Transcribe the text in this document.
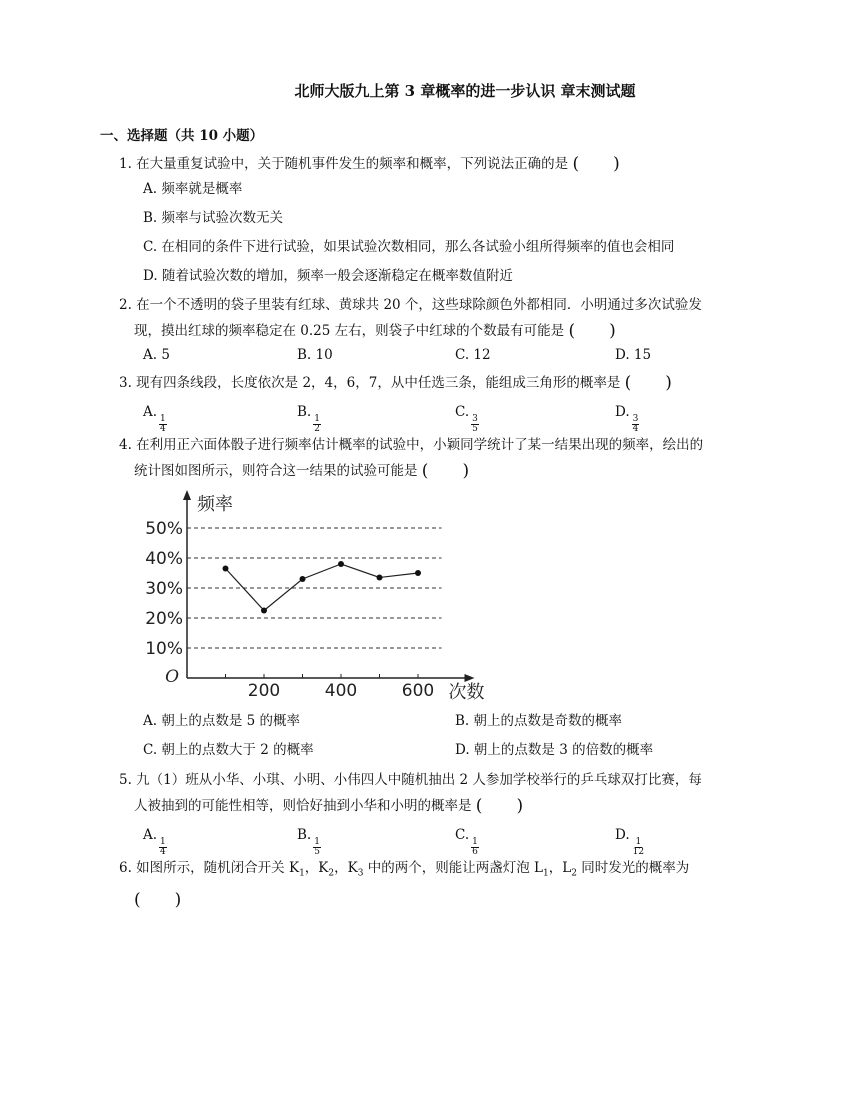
北师大版九上第 3 章概率的进一步认识 章末测试题
一、选择题（共 10 小题）
1. 在大量重复试验中，关于随机事件发生的频率和概率，下列说法正确的是 (   )
A. 频率就是概率
B. 频率与试验次数无关
C. 在相同的条件下进行试验，如果试验次数相同，那么各试验小组所得频率的值也会相同
D. 随着试验次数的增加，频率一般会逐渐稳定在概率数值附近
2. 在一个不透明的袋子里装有红球、黄球共 20 个，这些球除颜色外都相同．小明通过多次试验发
现，摸出红球的频率稳定在 0.25 左右，则袋子中红球的个数最有可能是 (   )
A. 5	B. 10	C. 12	D. 15
3. 现有四条线段，长度依次是 2，4，6，7，从中任选三条，能组成三角形的概率是 (   )
A.
$\frac{1}{4}$
B.
$\frac{1}{2}$
C.
$\frac{3}{5}$
D.
$\frac{3}{4}$
4. 在利用正六面体骰子进行频率估计概率的试验中，小颖同学统计了某一结果出现的频率，绘出的
统计图如图所示，则符合这一结果的试验可能是 (   )
10%
20%
30%
40%
50%
200	400	600
O
频率
次数
A. 朝上的点数是 5 的概率	B. 朝上的点数是奇数的概率
C. 朝上的点数大于 2 的概率	D. 朝上的点数是 3 的倍数的概率
5. 九（1）班从小华、小琪、小明、小伟四人中随机抽出 2 人参加学校举行的乒乓球双打比赛，每
人被抽到的可能性相等，则恰好抽到小华和小明的概率是 (   )
A.
$\frac{1}{4}$
B.
$\frac{1}{5}$
C.
$\frac{1}{6}$
D.
$\frac{1}{12}$
6. 如图所示，随机闭合开关 $K_1$，$K_2$，$K_3$ 中的两个，则能让两盏灯泡 $L_1$，$L_2$ 同时发光的概率为
(   )
